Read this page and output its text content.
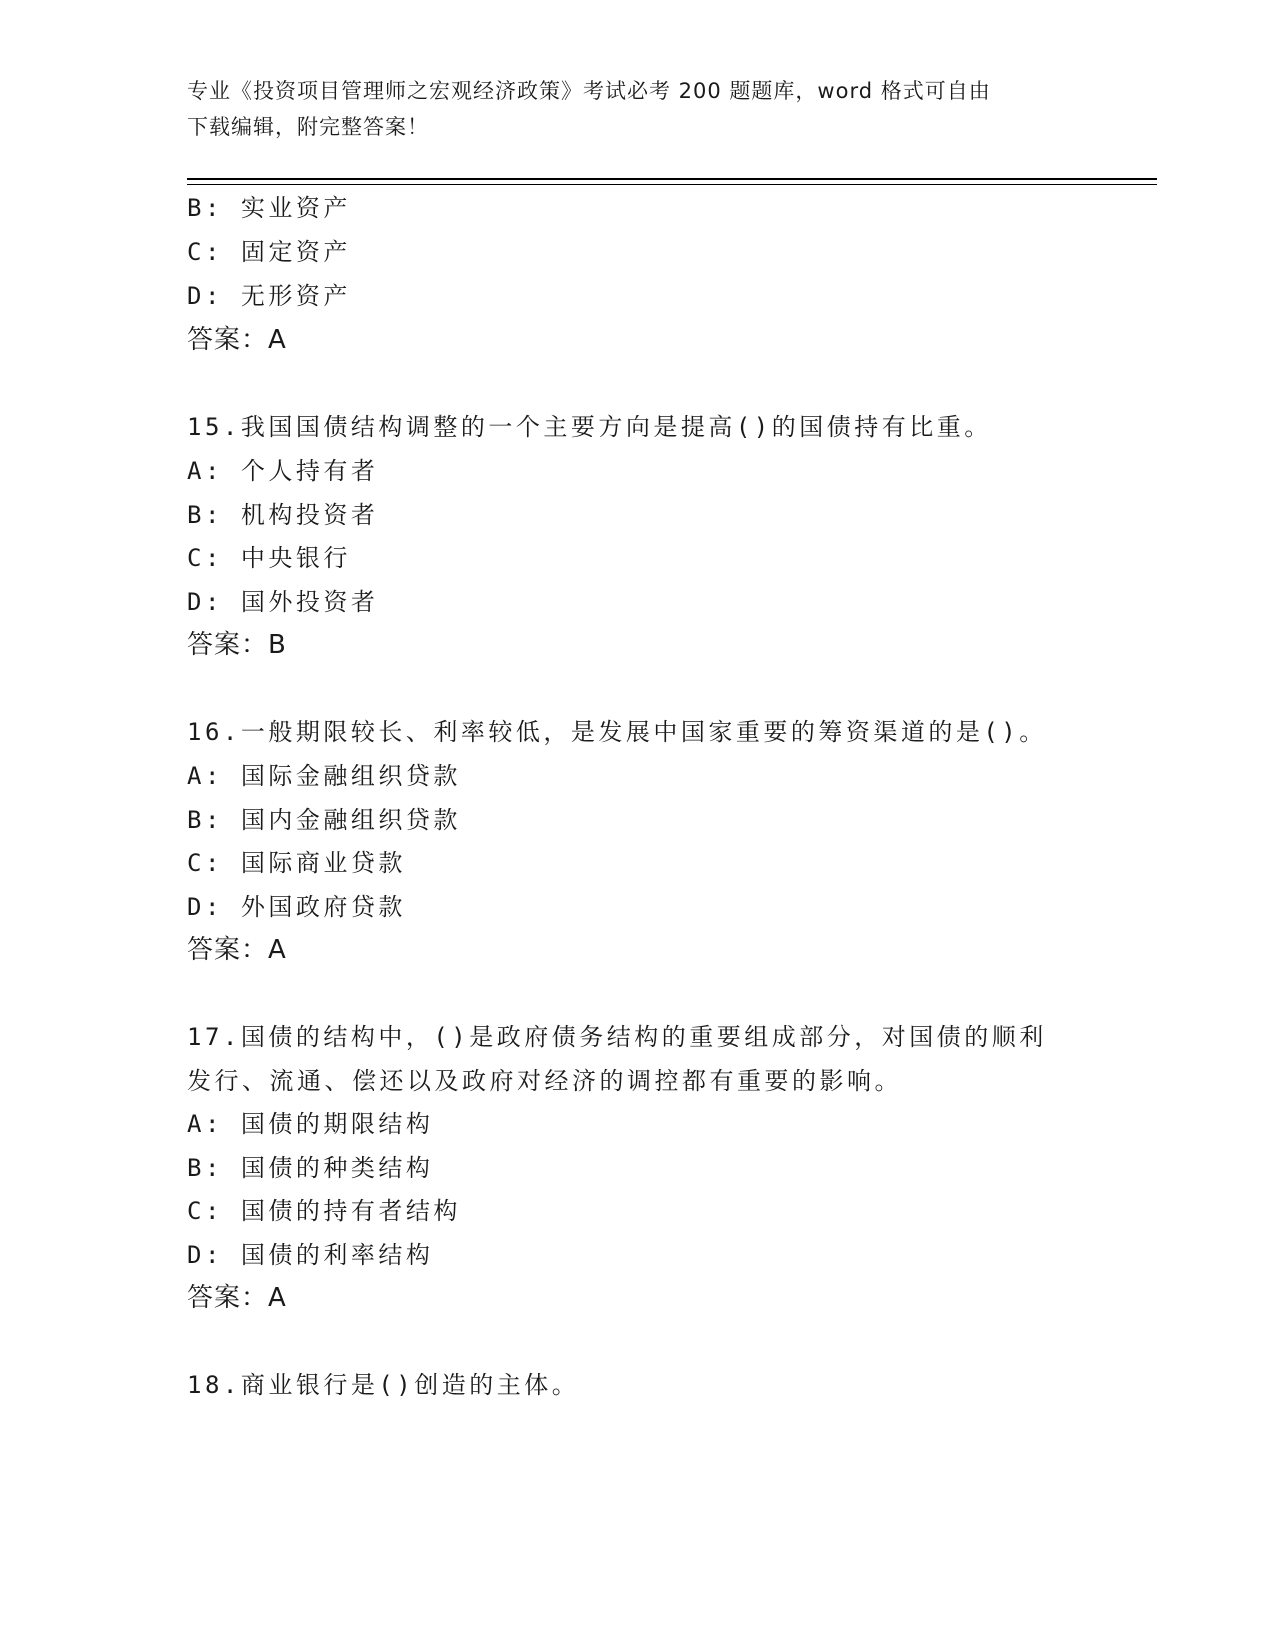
专业《投资项目管理师之宏观经济政策》考试必考 200 题题库，word 格式可自由
下载编辑，附完整答案！
B: 实业资产
C: 固定资产
D: 无形资产
答案：A
15.我国国债结构调整的一个主要方向是提高()的国债持有比重。
A: 个人持有者
B: 机构投资者
C: 中央银行
D: 国外投资者
答案：B
16.一般期限较长、利率较低，是发展中国家重要的筹资渠道的是()。
A: 国际金融组织贷款
B: 国内金融组织贷款
C: 国际商业贷款
D: 外国政府贷款
答案：A
17.国债的结构中，()是政府债务结构的重要组成部分，对国债的顺利
发行、流通、偿还以及政府对经济的调控都有重要的影响。
A: 国债的期限结构
B: 国债的种类结构
C: 国债的持有者结构
D: 国债的利率结构
答案：A
18.商业银行是()创造的主体。
